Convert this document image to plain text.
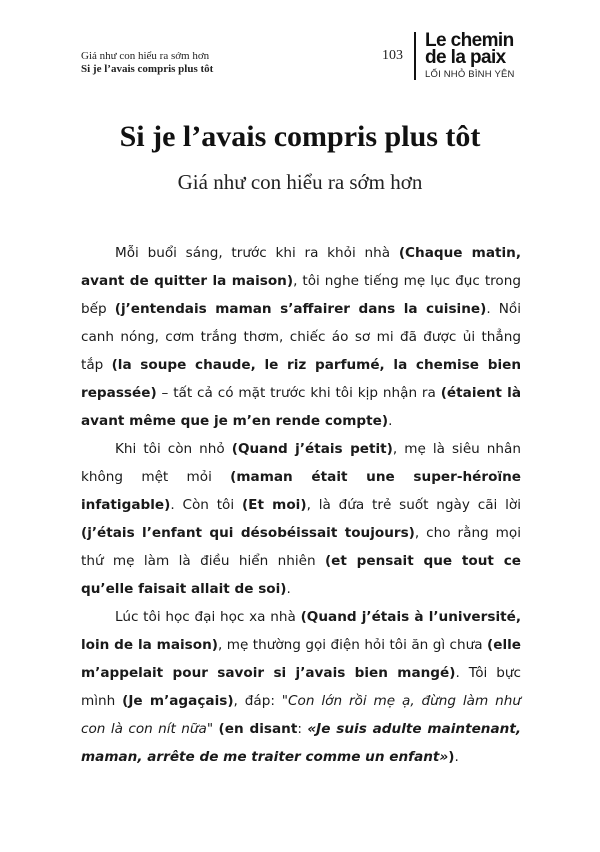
Giá như con hiểu ra sớm hơn
Si je l’avais compris plus tôt
103
Le chemin
de la paix
LỐI NHỎ BÌNH YÊN
Si je l’avais compris plus tôt
Giá như con hiểu ra sớm hơn

Mỗi buổi sáng, trước khi ra khỏi nhà (Chaque matin, avant de quitter la maison), tôi nghe tiếng mẹ lục đục trong bếp (j’entendais maman s’affairer dans la cuisine). Nồi canh nóng, cơm trắng thơm, chiếc áo sơ mi đã được ủi thẳng tắp (la soupe chaude, le riz parfumé, la chemise bien repassée) – tất cả có mặt trước khi tôi kịp nhận ra (étaient là avant même que je m’en rende compte).

Khi tôi còn nhỏ (Quand j’étais petit), mẹ là siêu nhân không mệt mỏi (maman était une super-héroïne infatigable). Còn tôi (Et moi), là đứa trẻ suốt ngày cãi lời (j’étais l’enfant qui désobéissait toujours), cho rằng mọi thứ mẹ làm là điều hiển nhiên (et pensait que tout ce qu’elle faisait allait de soi).

Lúc tôi học đại học xa nhà (Quand j’étais à l’université, loin de la maison), mẹ thường gọi điện hỏi tôi ăn gì chưa (elle m’appelait pour savoir si j’avais bien mangé). Tôi bực mình (Je m’agaçais), đáp: "Con lớn rồi mẹ ạ, đừng làm như con là con nít nữa" (en disant: «Je suis adulte maintenant, maman, arrête de me traiter comme un enfant»).
